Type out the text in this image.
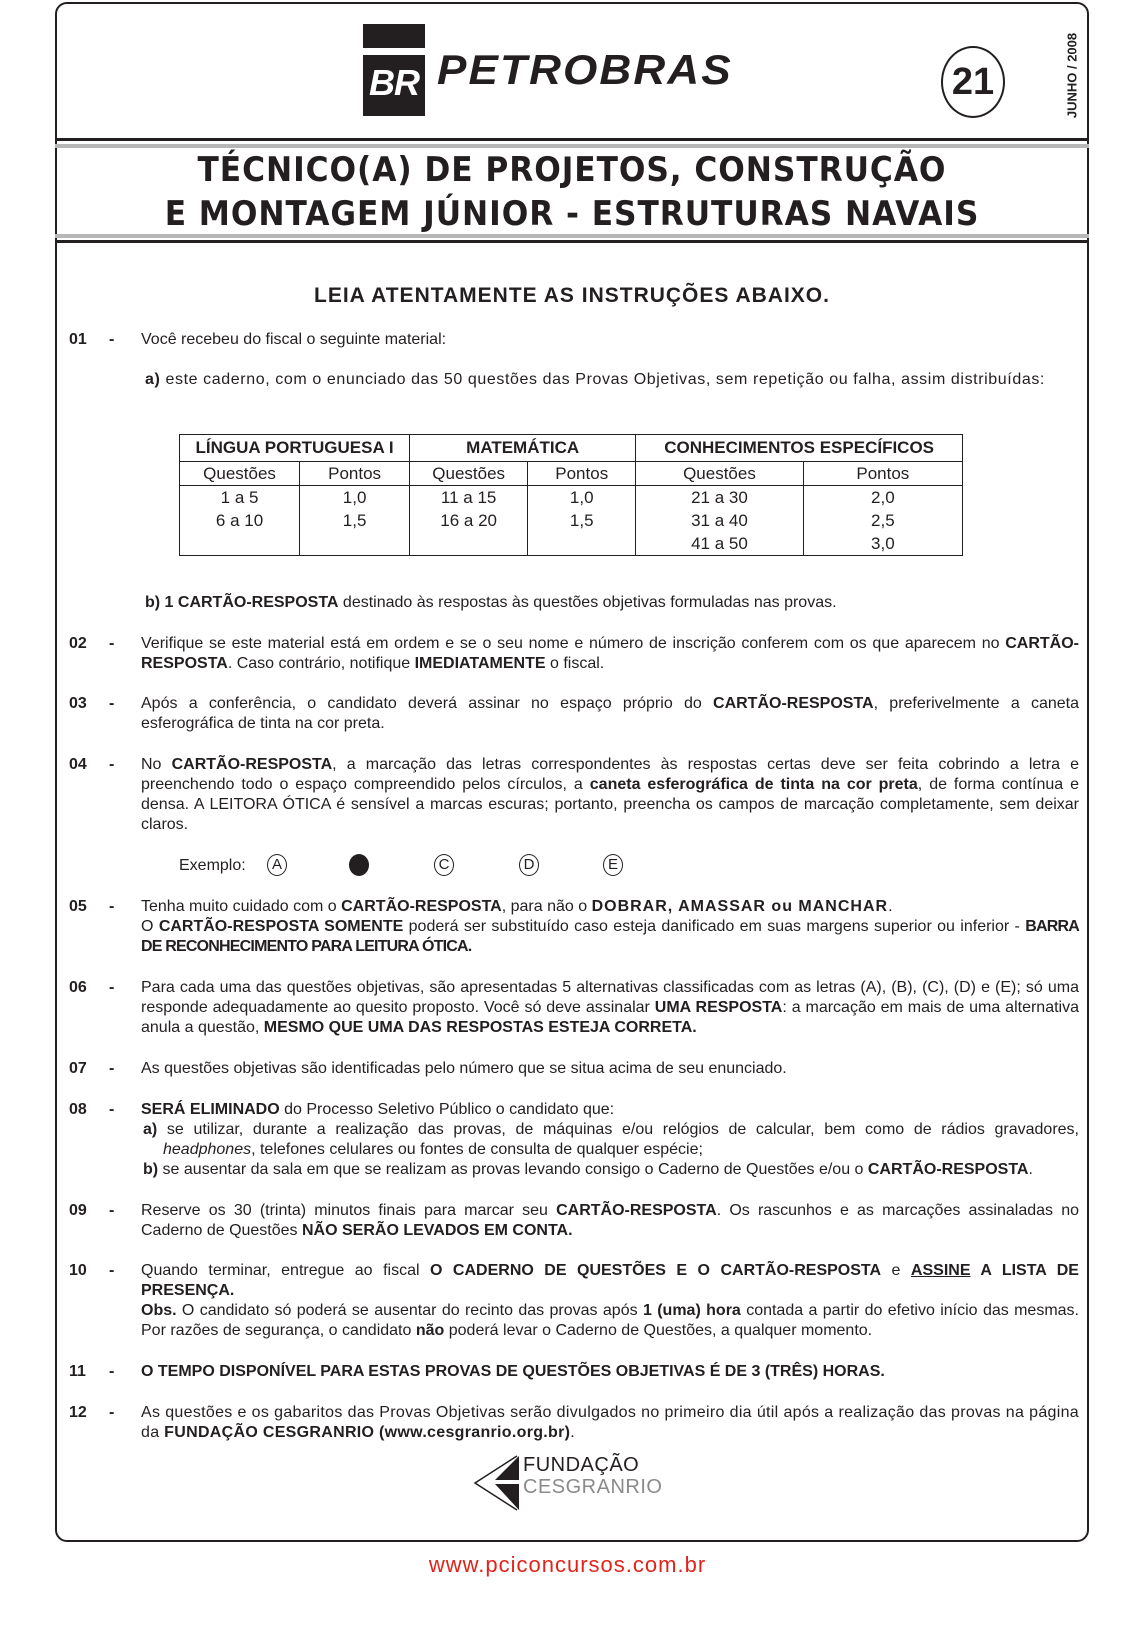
BR PETROBRAS	21	JUNHO / 2008
TÉCNICO(A) DE PROJETOS, CONSTRUÇÃO
E MONTAGEM JÚNIOR - ESTRUTURAS NAVAIS
LEIA ATENTAMENTE AS INSTRUÇÕES ABAIXO.
01	- Você recebeu do fiscal o seguinte material:
a) este caderno, com o enunciado das 50 questões das Provas Objetivas, sem repetição ou falha, assim distribuídas:
LÍNGUA PORTUGUESA I		MATEMÁTICA		CONHECIMENTOS ESPECÍFICOS	
Questões	Pontos	Questões	Pontos	Questões	Pontos
1 a 5	1,0	11 a 15	1,0	21 a 30	2,0
6 a 10	1,5	16 a 20	1,5	31 a 40	2,5
				41 a 50	3,0
b) 1 CARTÃO-RESPOSTA destinado às respostas às questões objetivas formuladas nas provas.
02	- Verifique se este material está em ordem e se o seu nome e número de inscrição conferem com os que aparecem no CARTÃO-RESPOSTA. Caso contrário, notifique IMEDIATAMENTE o fiscal.
03	- Após a conferência, o candidato deverá assinar no espaço próprio do CARTÃO-RESPOSTA, preferivelmente a caneta esferográfica de tinta na cor preta.
04	- No CARTÃO-RESPOSTA, a marcação das letras correspondentes às respostas certas deve ser feita cobrindo a letra e preenchendo todo o espaço compreendido pelos círculos, a caneta esferográfica de tinta na cor preta, de forma contínua e densa. A LEITORA ÓTICA é sensível a marcas escuras; portanto, preencha os campos de marcação completamente, sem deixar claros.
Exemplo:	A	C	D	E
05	- Tenha muito cuidado com o CARTÃO-RESPOSTA, para não o DOBRAR, AMASSAR ou MANCHAR.
O CARTÃO-RESPOSTA SOMENTE poderá ser substituído caso esteja danificado em suas margens superior ou inferior - BARRA DE RECONHECIMENTO PARA LEITURA ÓTICA.
06	- Para cada uma das questões objetivas, são apresentadas 5 alternativas classificadas com as letras (A), (B), (C), (D) e (E); só uma responde adequadamente ao quesito proposto. Você só deve assinalar UMA RESPOSTA: a marcação em mais de uma alternativa anula a questão, MESMO QUE UMA DAS RESPOSTAS ESTEJA CORRETA.
07	- As questões objetivas são identificadas pelo número que se situa acima de seu enunciado.
08	- SERÁ ELIMINADO do Processo Seletivo Público o candidato que:
a) se utilizar, durante a realização das provas, de máquinas e/ou relógios de calcular, bem como de rádios gravadores, headphones, telefones celulares ou fontes de consulta de qualquer espécie;
b) se ausentar da sala em que se realizam as provas levando consigo o Caderno de Questões e/ou o CARTÃO-RESPOSTA.
09	- Reserve os 30 (trinta) minutos finais para marcar seu CARTÃO-RESPOSTA. Os rascunhos e as marcações assinaladas no Caderno de Questões NÃO SERÃO LEVADOS EM CONTA.
10	- Quando terminar, entregue ao fiscal O CADERNO DE QUESTÕES E O CARTÃO-RESPOSTA e ASSINE A LISTA DE PRESENÇA.
Obs. O candidato só poderá se ausentar do recinto das provas após 1 (uma) hora contada a partir do efetivo início das mesmas. Por razões de segurança, o candidato não poderá levar o Caderno de Questões, a qualquer momento.
11	- O TEMPO DISPONÍVEL PARA ESTAS PROVAS DE QUESTÕES OBJETIVAS É DE 3 (TRÊS) HORAS.
12	- As questões e os gabaritos das Provas Objetivas serão divulgados no primeiro dia útil após a realização das provas na página da FUNDAÇÃO CESGRANRIO (www.cesgranrio.org.br).
FUNDAÇÃO
CESGRANRIO
www.pciconcursos.com.br
